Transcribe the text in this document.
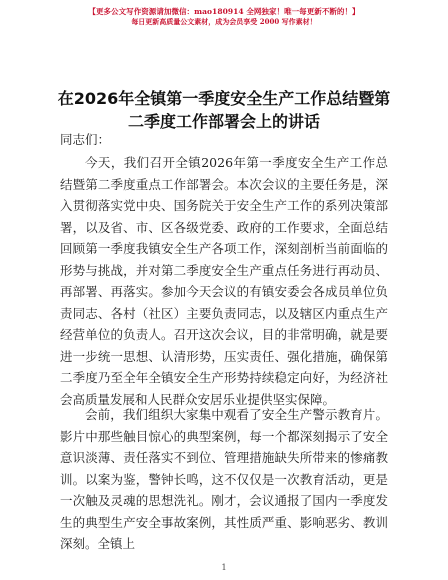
【更多公文写作资源请加微信：mao180914 全网独家！唯一每更新不断的！】
每日更新高质量公文素材，成为会员享受 2000 写作素材！
在2026年全镇第一季度安全生产工作总结暨第二季度工作部署会上的讲话
同志们：

今天，我们召开全镇2026年第一季度安全生产工作总结暨第二季度重点工作部署会。本次会议的主要任务是，深入贯彻落实党中央、国务院关于安全生产工作的系列决策部署，以及省、市、区各级党委、政府的工作要求，全面总结回顾第一季度我镇安全生产各项工作，深刻剖析当前面临的形势与挑战，并对第二季度安全生产重点任务进行再动员、再部署、再落实。参加今天会议的有镇安委会各成员单位负责同志、各村（社区）主要负责同志，以及辖区内重点生产经营单位的负责人。召开这次会议，目的非常明确，就是要进一步统一思想、认清形势，压实责任、强化措施，确保第二季度乃至全年全镇安全生产形势持续稳定向好，为经济社会高质量发展和人民群众安居乐业提供坚实保障。

会前，我们组织大家集中观看了安全生产警示教育片。影片中那些触目惊心的典型案例，每一个都深刻揭示了安全意识淡薄、责任落实不到位、管理措施缺失所带来的惨痛教训。以案为鉴，警钟长鸣，这不仅仅是一次教育活动，更是一次触及灵魂的思想洗礼。刚才，会议通报了国内一季度发生的典型生产安全事故案例，其性质严重、影响恶劣、教训深刻。全镇上

1
